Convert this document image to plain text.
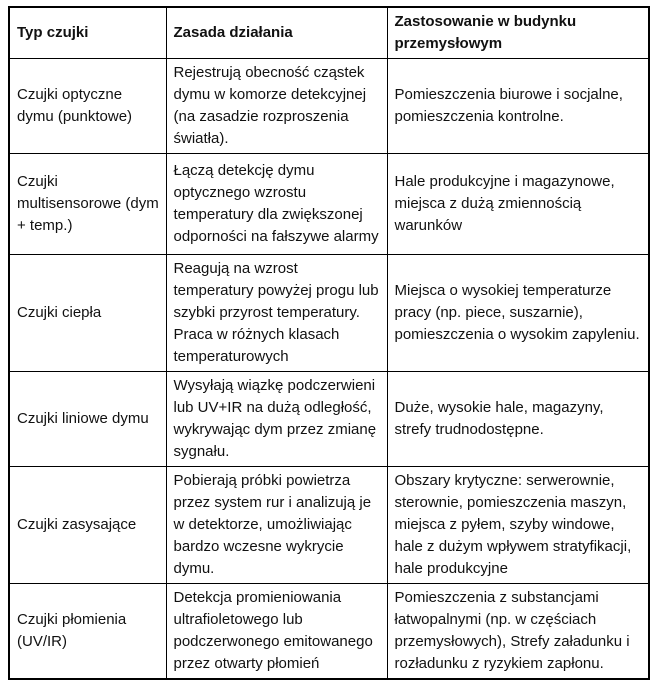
Typ czujki	Zasada działania	Zastosowanie w budynku przemysłowym
Czujki optyczne dymu (punktowe)	Rejestrują obecność cząstek dymu w komorze detekcyjnej (na zasadzie rozproszenia światła).	Pomieszczenia biurowe i socjalne, pomieszczenia kontrolne.
Czujki multisensorowe (dym + temp.)	Łączą detekcję dymu optycznego wzrostu temperatury dla zwiększonej odporności na fałszywe alarmy	Hale produkcyjne i magazynowe, miejsca z dużą zmiennością warunków
Czujki ciepła	Reagują na wzrost temperatury powyżej progu lub szybki przyrost temperatury. Praca w różnych klasach temperaturowych	Miejsca o wysokiej temperaturze pracy (np. piece, suszarnie), pomieszczenia o wysokim zapyleniu.
Czujki liniowe dymu	Wysyłają wiązkę podczerwieni lub UV+IR na dużą odległość, wykrywając dym przez zmianę sygnału.	Duże, wysokie hale, magazyny, strefy trudnodostępne.
Czujki zasysające	Pobierają próbki powietrza przez system rur i analizują je w detektorze, umożliwiając bardzo wczesne wykrycie dymu.	Obszary krytyczne: serwerownie, sterownie, pomieszczenia maszyn, miejsca z pyłem, szyby windowe, hale z dużym wpływem stratyfikacji, hale produkcyjne
Czujki płomienia (UV/IR)	Detekcja promieniowania ultrafioletowego lub podczerwonego emitowanego przez otwarty płomień	Pomieszczenia z substancjami łatwopalnymi (np. w częściach przemysłowych), Strefy załadunku i rozładunku z ryzykiem zapłonu.
